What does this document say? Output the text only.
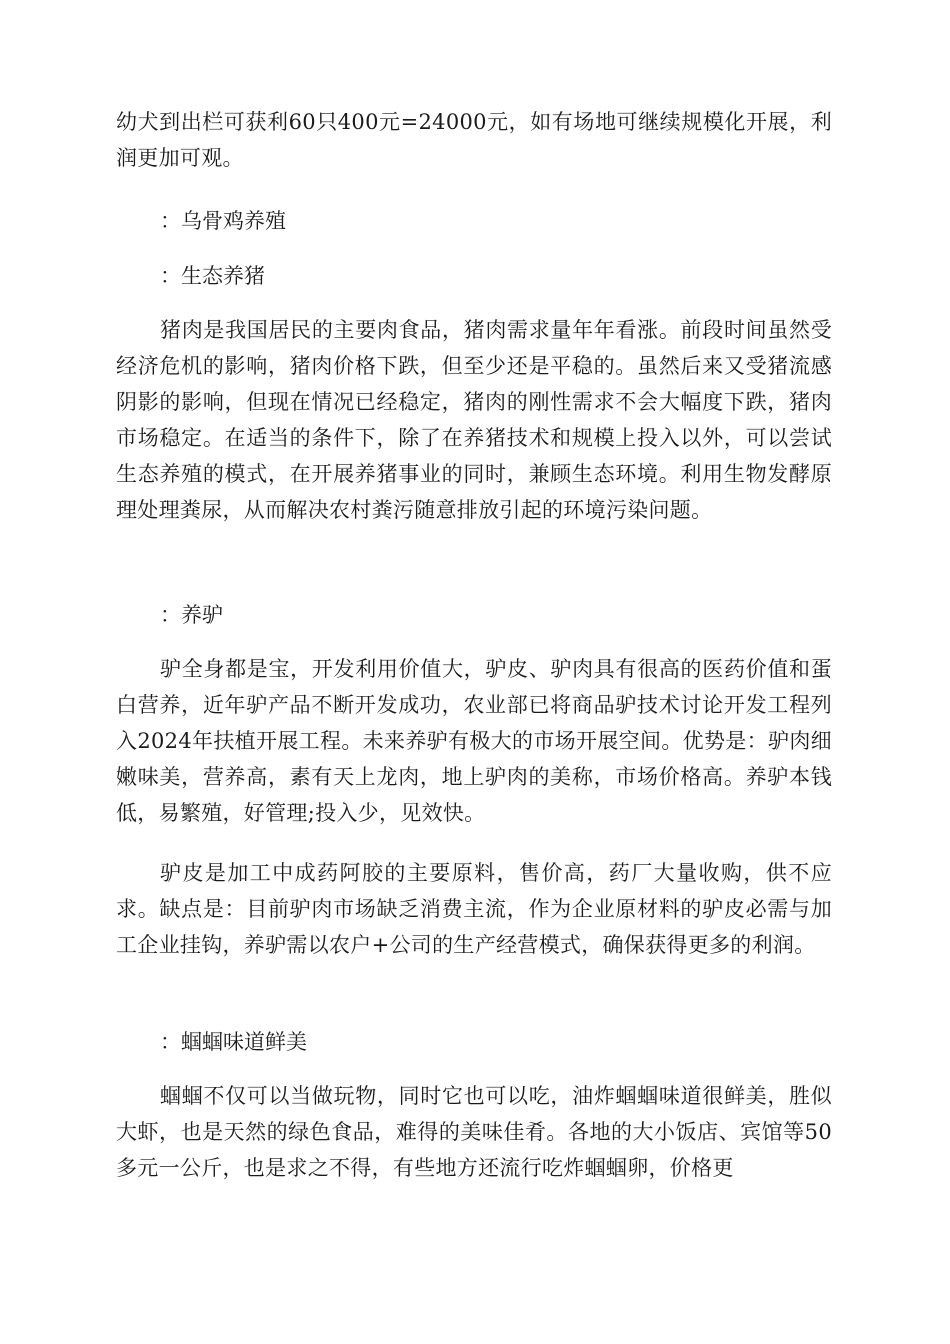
幼犬到出栏可获利60只400元=24000元，如有场地可继续规模化开展，利润更加可观。

：乌骨鸡养殖

：生态养猪

猪肉是我国居民的主要肉食品，猪肉需求量年年看涨。前段时间虽然受经济危机的影响，猪肉价格下跌，但至少还是平稳的。虽然后来又受猪流感阴影的影响，但现在情况已经稳定，猪肉的刚性需求不会大幅度下跌，猪肉市场稳定。在适当的条件下，除了在养猪技术和规模上投入以外，可以尝试生态养殖的模式，在开展养猪事业的同时，兼顾生态环境。利用生物发酵原理处理粪尿，从而解决农村粪污随意排放引起的环境污染问题。

：养驴

驴全身都是宝，开发利用价值大，驴皮、驴肉具有很高的医药价值和蛋白营养，近年驴产品不断开发成功，农业部已将商品驴技术讨论开发工程列入2024年扶植开展工程。未来养驴有极大的市场开展空间。优势是：驴肉细嫩味美，营养高，素有天上龙肉，地上驴肉的美称，市场价格高。养驴本钱低，易繁殖，好管理;投入少，见效快。

驴皮是加工中成药阿胶的主要原料，售价高，药厂大量收购，供不应求。缺点是：目前驴肉市场缺乏消费主流，作为企业原材料的驴皮必需与加工企业挂钩，养驴需以农户+公司的生产经营模式，确保获得更多的利润。

：蝈蝈味道鲜美

蝈蝈不仅可以当做玩物，同时它也可以吃，油炸蝈蝈味道很鲜美，胜似大虾，也是天然的绿色食品，难得的美味佳肴。各地的大小饭店、宾馆等50多元一公斤，也是求之不得，有些地方还流行吃炸蝈蝈卵，价格更
